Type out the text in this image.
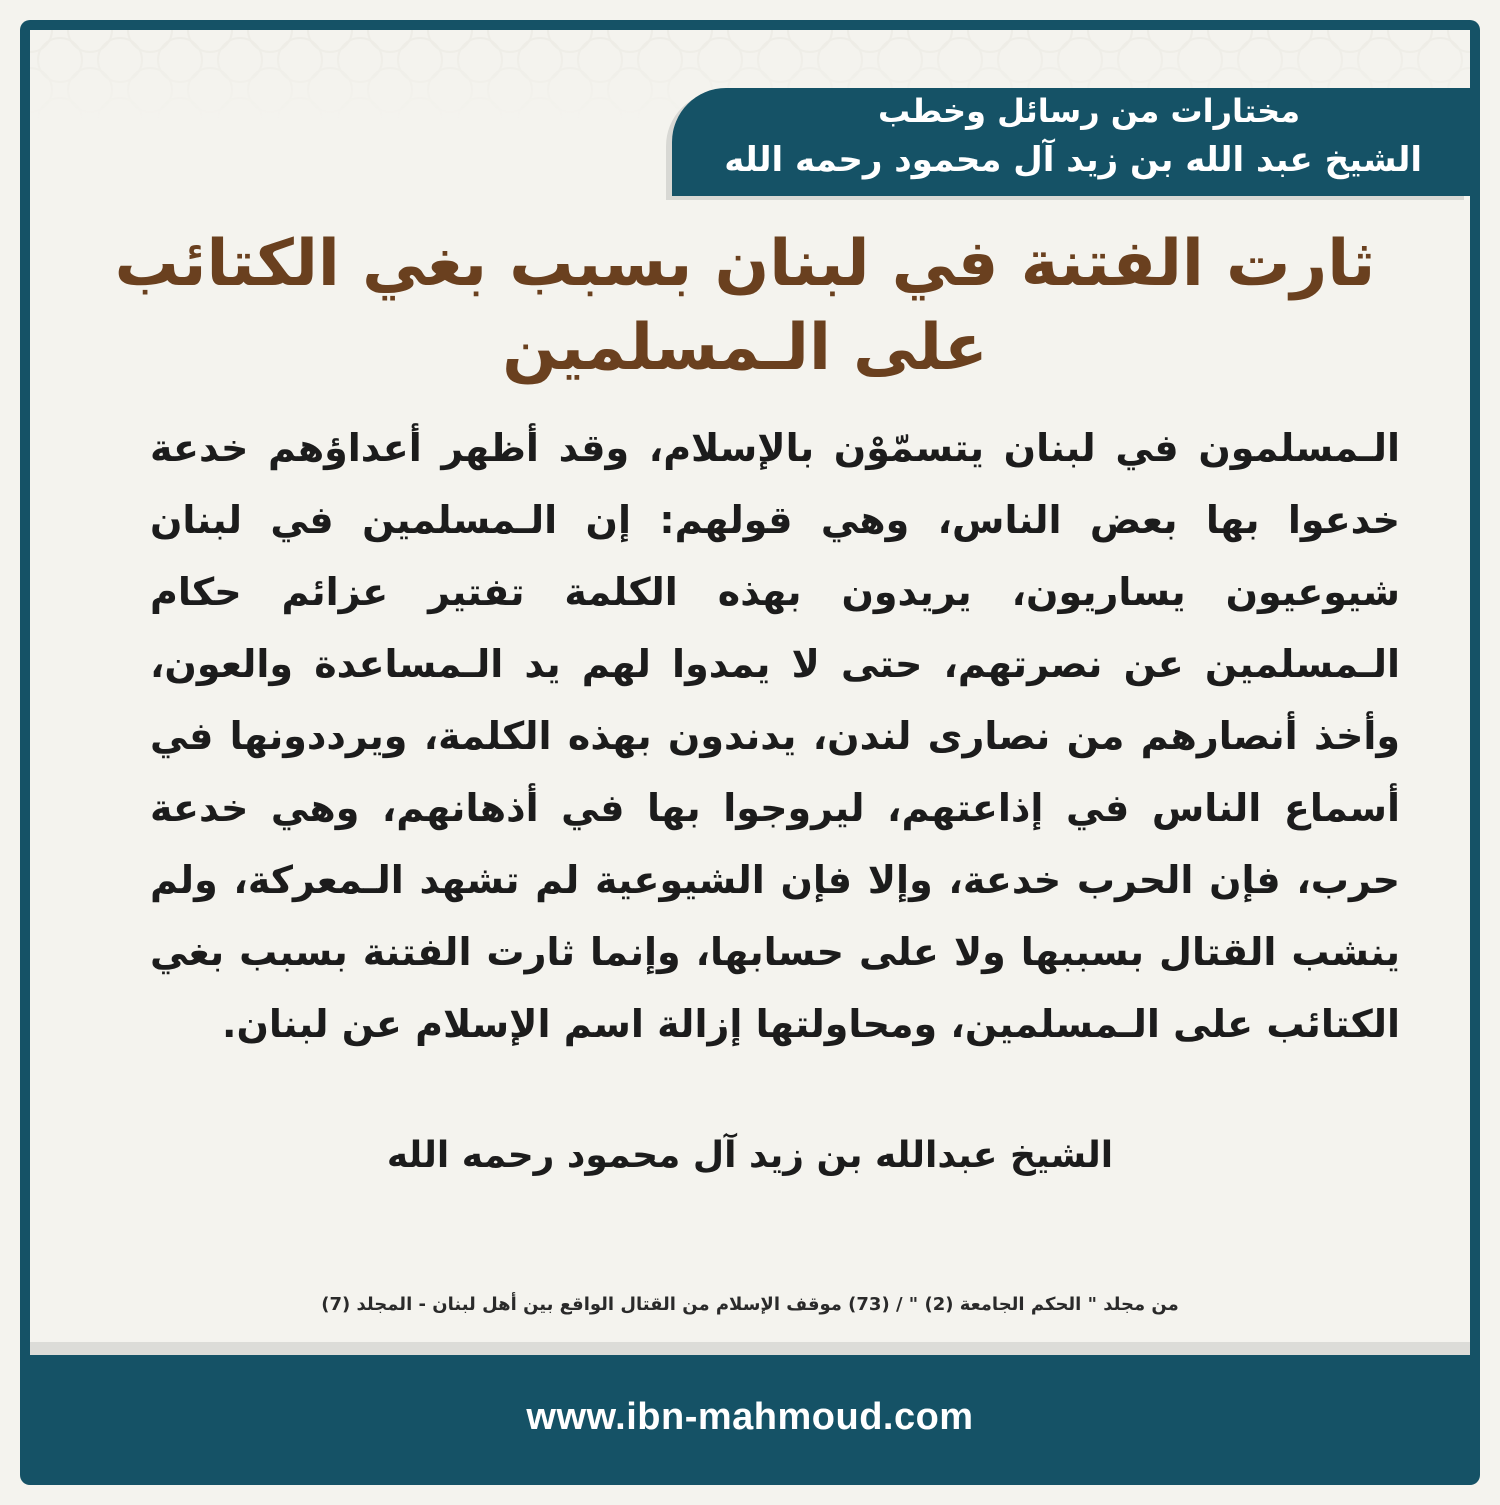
مختارات من رسائل وخطب
الشيخ عبد الله بن زيد آل محمود رحمه الله
ثارت الفتنة في لبنان بسبب بغي الكتائب على الـمسلمين
الـمسلمون في لبنان يتسمّوْن بالإسلام، وقد أظهر أعداؤهم خدعة خدعوا بها بعض الناس، وهي قولهم: إن الـمسلمين في لبنان شيوعيون يساريون، يريدون بهذه الكلمة تفتير عزائم حكام الـمسلمين عن نصرتهم، حتى لا يمدوا لهم يد الـمساعدة والعون، وأخذ أنصارهم من نصارى لندن، يدندون بهذه الكلمة، ويرددونها في أسماع الناس في إذاعتهم، ليروجوا بها في أذهانهم، وهي خدعة حرب، فإن الحرب خدعة، وإلا فإن الشيوعية لم تشهد الـمعركة، ولم ينشب القتال بسببها ولا على حسابها، وإنما ثارت الفتنة بسبب بغي الكتائب على الـمسلمين، ومحاولتها إزالة اسم الإسلام عن لبنان.
الشيخ عبدالله بن زيد آل محمود رحمه الله
من مجلد " الحكم الجامعة (2) " / (73) موقف الإسلام من القتال الواقع بين أهل لبنان - المجلد (7)
www.ibn-mahmoud.com
